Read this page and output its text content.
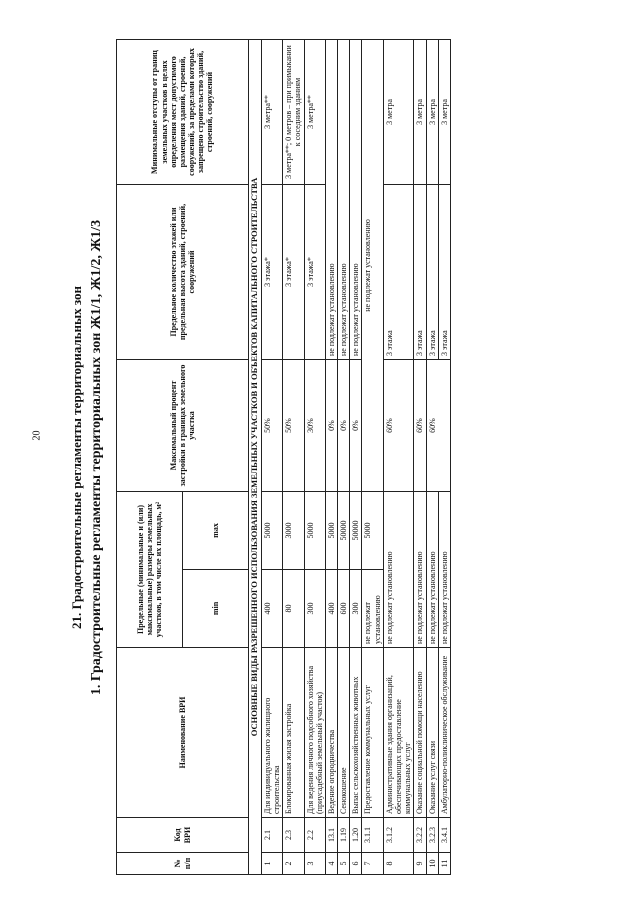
20 21. Градостроительные регламенты территориальных зон 1. Градостроительные регламенты территориальных зон Ж1/1, Ж1/2, Ж1/3
№ п/п	Код ВРИ	Наименование ВРИ	Предельные (минимальные и (или) максимальные) размеры земельных участков, в том числе их площадь, м²		Максимальный процент застройки в границах земельного участка	Предельное количество этажей или предельная высота зданий, строений, сооружений	Минимальные отступы от границ земельных участков в целях определения мест допустимого размещения зданий, строений, сооружений, за пределами которых запрещено строительство зданий, строений, сооружений
			min	max			
ОСНОВНЫЕ ВИДЫ РАЗРЕШЕННОГО ИСПОЛЬЗОВАНИЯ ЗЕМЕЛЬНЫХ УЧАСТКОВ И ОБЪЕКТОВ КАПИТАЛЬНОГО СТРОИТЕЛЬСТВА							
1	2.1	Для индивидуального жилищного строительства	400	5000	50%	3 этажа*	3 метра**
2	2.3	Блокированная жилая застройка	80	3000	50%	3 этажа*	3 метра**; 0 метров – при примыкании к соседним зданиям
3	2.2	Для ведения личного подсобного хозяйства (приусадебный земельный участок)	300	5000	30%	3 этажа*	3 метра**
4	13.1	Ведение огородничества	400	5000	0%	не подлежат установлению	
5	1.19	Сенокошение	600	50000	0%	не подлежат установлению	
6	1.20	Выпас сельскохозяйственных животных	300	50000	0%	не подлежат установлению	
7	3.1.1	Предоставление коммунальных услуг	не подлежат установлению	5000	не подлежат установлению		
8	3.1.2	Административные здания организаций, обеспечивающих предоставление коммунальных услуг	не подлежат установлению		60%	3 этажа	3 метра
9	3.2.2	Оказание социальной помощи населению	не подлежат установлению		60%	3 этажа	3 метра
10	3.2.3	Оказание услуг связи	не подлежат установлению		60%	3 этажа	3 метра
11	3.4.1	Амбулаторно-поликлиническое обслуживание	не подлежат установлению			3 этажа	3 метра
